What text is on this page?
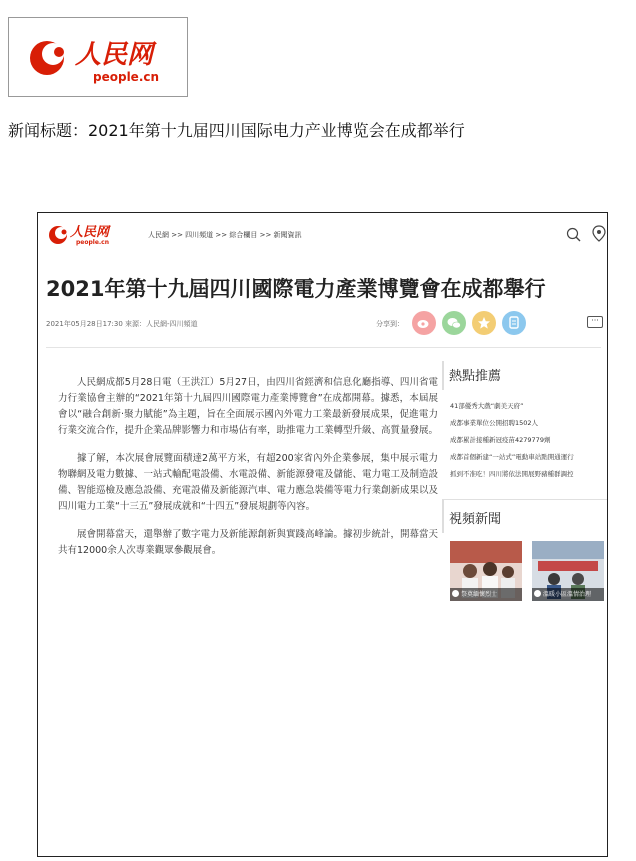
人民网
people.cn
新闻标题：2021年第十九届四川国际电力产业博览会在成都举行
人民网
people.cn
人民網 >> 四川頻道 >> 綜合欄目 >> 新聞資訊
2021年第十九屆四川國際電力產業博覽會在成都舉行
2021年05月28日17:30 來源：人民網-四川頻道	分享到：	···

人民網成都5月28日電（王洪江）5月27日，由四川省經濟和信息化廳指導、四川省電力行業協會主辦的“2021年第十九屆四川國際電力產業博覽會”在成都開幕。據悉，本屆展會以“融合創新·聚力賦能”為主題，旨在全面展示國內外電力工業最新發展成果，促進電力行業交流合作，提升企業品牌影響力和市場佔有率，助推電力工業轉型升級、高質量發展。

據了解，本次展會展覽面積達2萬平方米，有超200家省內外企業參展，集中展示電力物聯網及電力數據、一站式輸配電設備、水電設備、新能源發電及儲能、電力電工及制造設備、智能巡檢及應急設備、充電設備及新能源汽車、電力應急裝備等電力行業創新成果以及四川電力工業“十三五”發展成就和“十四五”發展規劃等內容。

展會開幕當天，還舉辦了數字電力及新能源創新與實踐高峰論。據初步統計，開幕當天共有12000余人次專業觀眾參觀展會。

熱點推薦
41部優秀大戲“劇美天府”
成都事業單位公開招聘1502人
成都累計接種新冠疫苗4279779劑
成都首個新建“一站式”電動車站點開通運行
抓到不准吃！四川將依法開展野豬種群調控
視頻新聞
祭奠緬懷烈士	溫暖小區溫情治理
